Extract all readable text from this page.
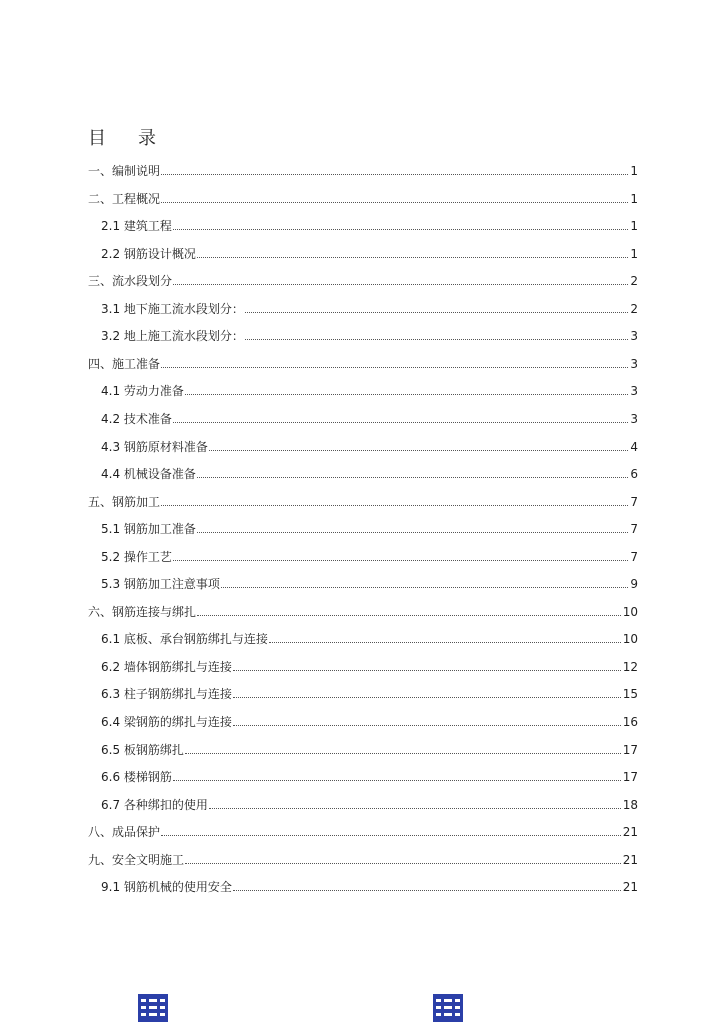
目 录
一、编制说明	1
二、工程概况	1
2.1 建筑工程	1
2.2 钢筋设计概况	1
三、流水段划分	2
3.1 地下施工流水段划分：	2
3.2 地上施工流水段划分：	3
四、施工准备	3
4.1 劳动力准备	3
4.2 技术准备	3
4.3 钢筋原材料准备	4
4.4 机械设备准备	6
五、钢筋加工	7
5.1 钢筋加工准备	7
5.2 操作工艺	7
5.3 钢筋加工注意事项	9
六、钢筋连接与绑扎	10
6.1 底板、承台钢筋绑扎与连接	10
6.2 墙体钢筋绑扎与连接	12
6.3 柱子钢筋绑扎与连接	15
6.4 梁钢筋的绑扎与连接	16
6.5 板钢筋绑扎	17
6.6 楼梯钢筋	17
6.7 各种绑扣的使用	18
八、成品保护	21
九、安全文明施工	21
9.1 钢筋机械的使用安全	21
